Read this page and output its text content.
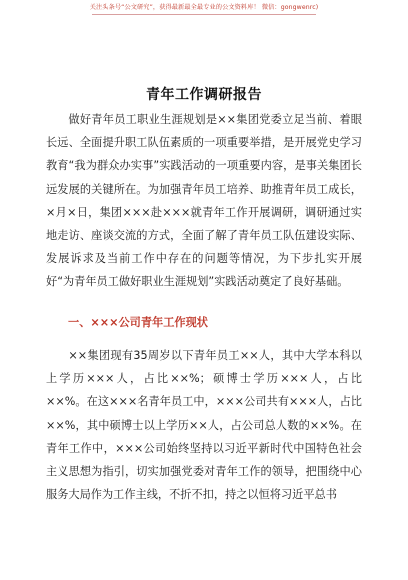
关注头条号“公文研究”，获得最新最全最专业的公文资料库！ 微信：gongwenrc)
青年工作调研报告

做好青年员工职业生涯规划是××集团党委立足当前、着眼长远、全面提升职工队伍素质的一项重要举措，是开展党史学习教育“我为群众办实事”实践活动的一项重要内容，是事关集团长远发展的关键所在。为加强青年员工培养、助推青年员工成长，×月×日，集团×××赴×××就青年工作开展调研，调研通过实地走访、座谈交流的方式，全面了解了青年员工队伍建设实际、发展诉求及当前工作中存在的问题等情况，为下步扎实开展好“为青年员工做好职业生涯规划”实践活动奠定了良好基础。

一、×××公司青年工作现状

××集团现有35周岁以下青年员工××人，其中大学本科以上学历×××人，占比××%；硕博士学历×××人，占比××%。在这×××名青年员工中，×××公司共有×××人，占比××%，其中硕博士以上学历××人，占公司总人数的××%。在青年工作中，×××公司始终坚持以习近平新时代中国特色社会主义思想为指引，切实加强党委对青年工作的领导，把围绕中心服务大局作为工作主线，不折不扣，持之以恒将习近平总书
